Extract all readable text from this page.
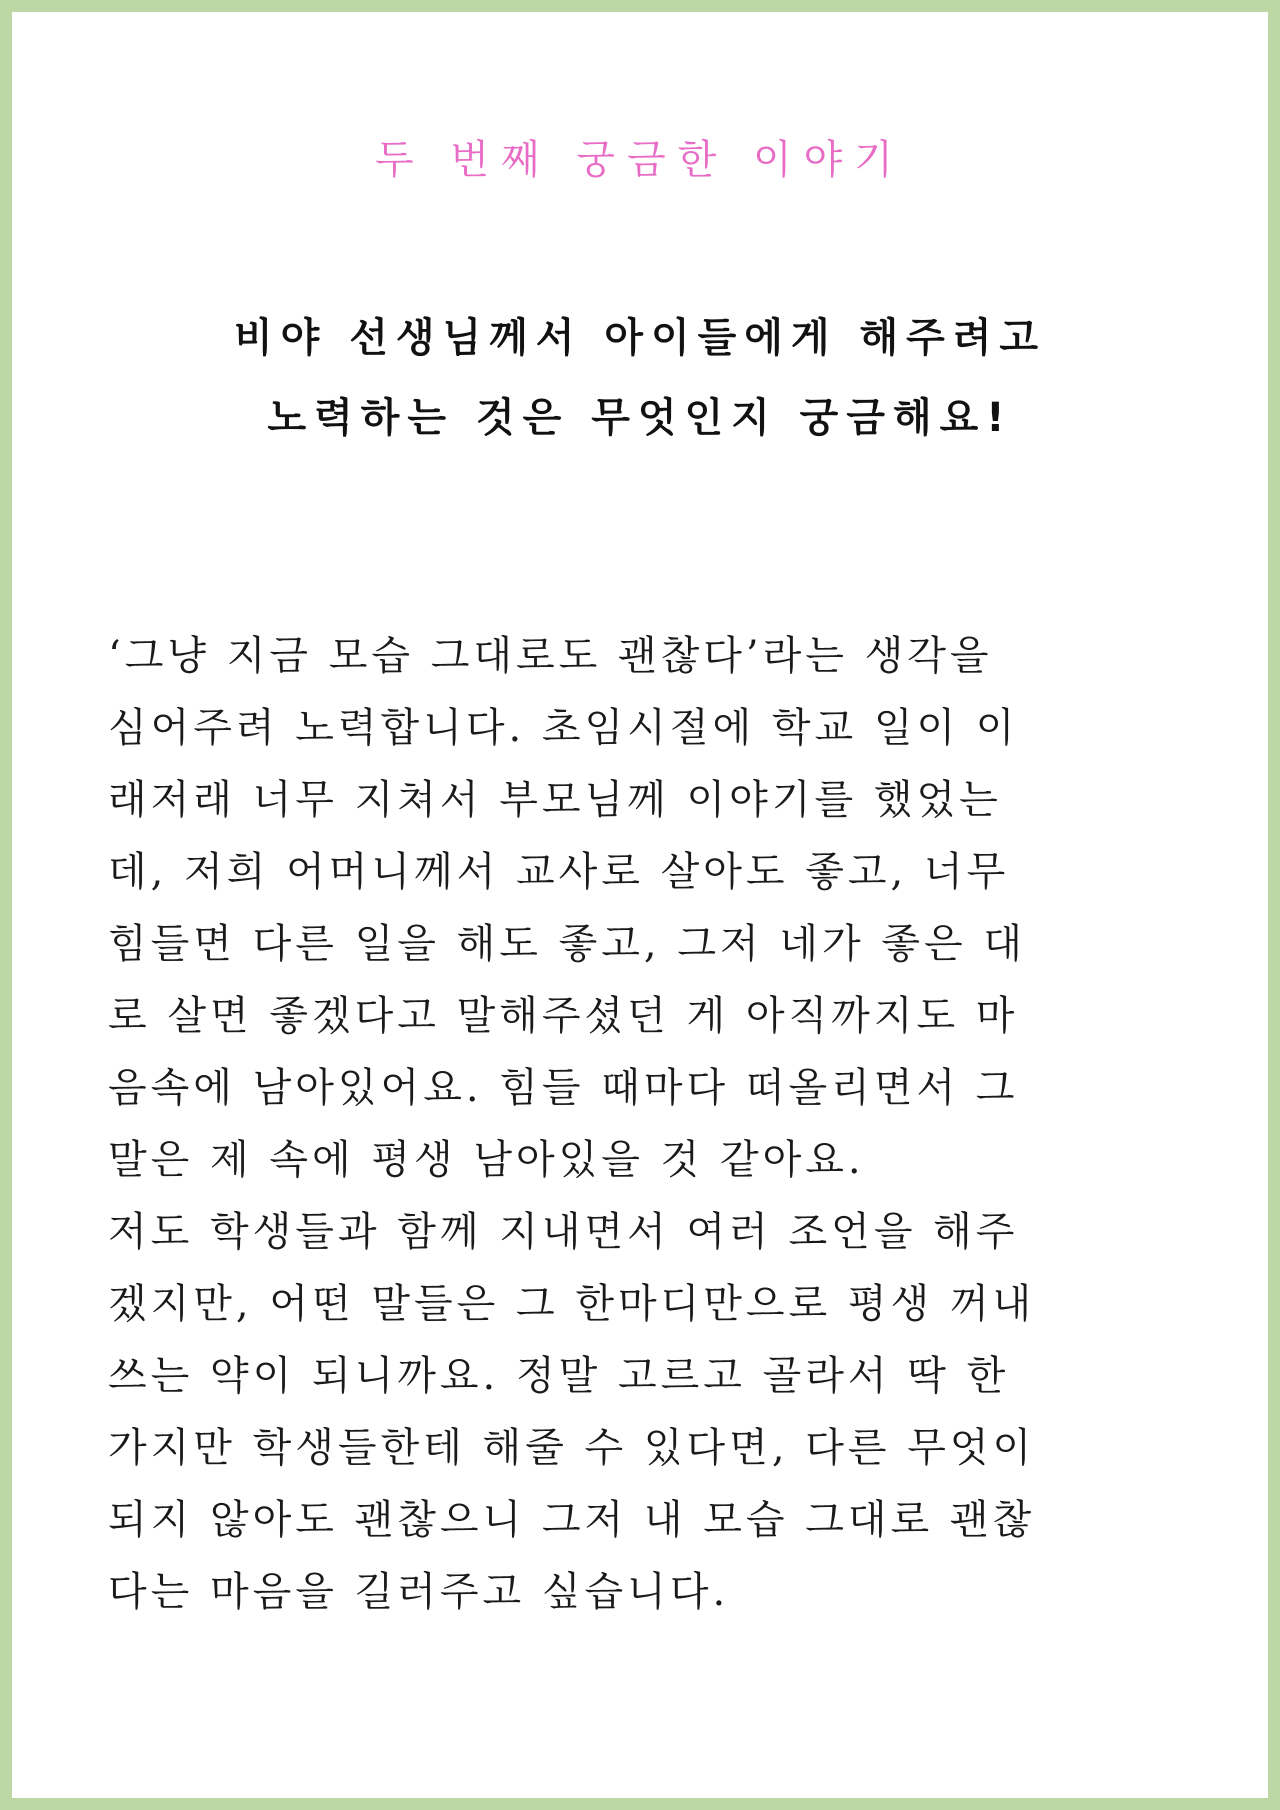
두 번째 궁금한 이야기
비야 선생님께서 아이들에게 해주려고
노력하는 것은 무엇인지 궁금해요!
‘그냥 지금 모습 그대로도 괜찮다’라는 생각을
심어주려 노력합니다. 초임시절에 학교 일이 이
래저래 너무 지쳐서 부모님께 이야기를 했었는
데, 저희 어머니께서 교사로 살아도 좋고, 너무
힘들면 다른 일을 해도 좋고, 그저 네가 좋은 대
로 살면 좋겠다고 말해주셨던 게 아직까지도 마
음속에 남아있어요. 힘들 때마다 떠올리면서 그
말은 제 속에 평생 남아있을 것 같아요.
저도 학생들과 함께 지내면서 여러 조언을 해주
겠지만, 어떤 말들은 그 한마디만으로 평생 꺼내
쓰는 약이 되니까요. 정말 고르고 골라서 딱 한
가지만 학생들한테 해줄 수 있다면, 다른 무엇이
되지 않아도 괜찮으니 그저 내 모습 그대로 괜찮
다는 마음을 길러주고 싶습니다.
